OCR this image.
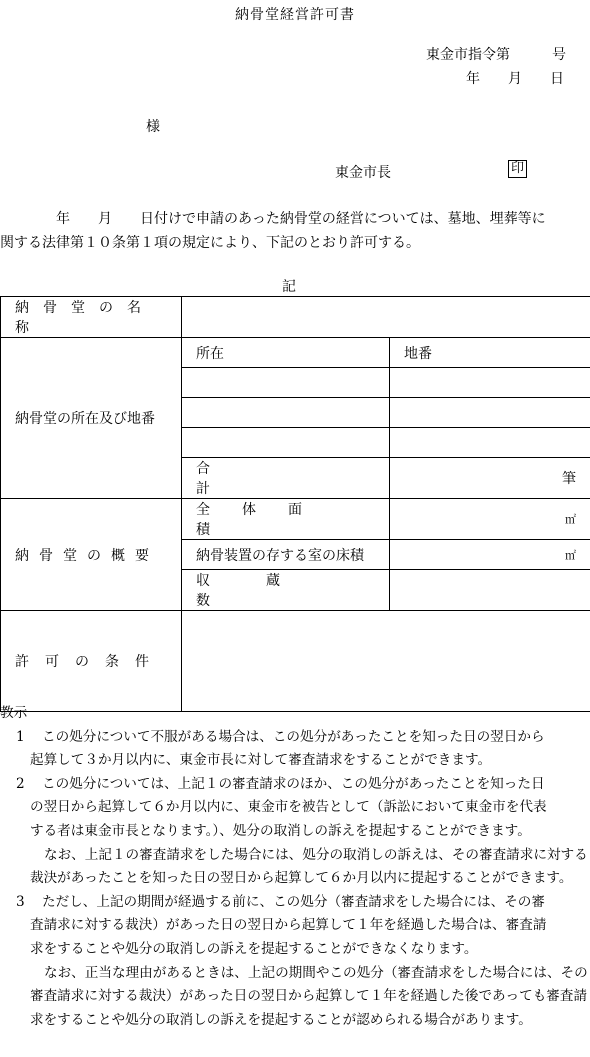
納骨堂経営許可書
東金市指令第　　　号
年　　月　　日
様
東金市長	印
　　　　年　　月　　日付けで申請のあった納骨堂の経営については、墓地、埋葬等に
関する法律第１０条第１項の規定により、下記のとおり許可する。
記
納骨堂の名称		

納骨堂の所在及び地番	所在	地番

	合計	筆

納骨堂の概要	全体面積	㎡

	納骨装置の存する室の床積	㎡

	収蔵数	

許可の条件		

教示

1	この処分について不服がある場合は、この処分があったことを知った日の翌日から

起算して３か月以内に、東金市長に対して審査請求をすることができます。

2	この処分については、上記１の審査請求のほか、この処分があったことを知った日

の翌日から起算して６か月以内に、東金市を被告として（訴訟において東金市を代表

する者は東金市長となります。）、処分の取消しの訴えを提起することができます。

なお、上記１の審査請求をした場合には、処分の取消しの訴えは、その審査請求に対する裁決があったことを知った日の翌日から起算して６か月以内に提起することができます。

3	ただし、上記の期間が経過する前に、この処分（審査請求をした場合には、その審

査請求に対する裁決）があった日の翌日から起算して１年を経過した場合は、審査請

求をすることや処分の取消しの訴えを提起することができなくなります。

なお、正当な理由があるときは、上記の期間やこの処分（審査請求をした場合には、その審査請求に対する裁決）があった日の翌日から起算して１年を経過した後であっても審査請求をすることや処分の取消しの訴えを提起することが認められる場合があります。
